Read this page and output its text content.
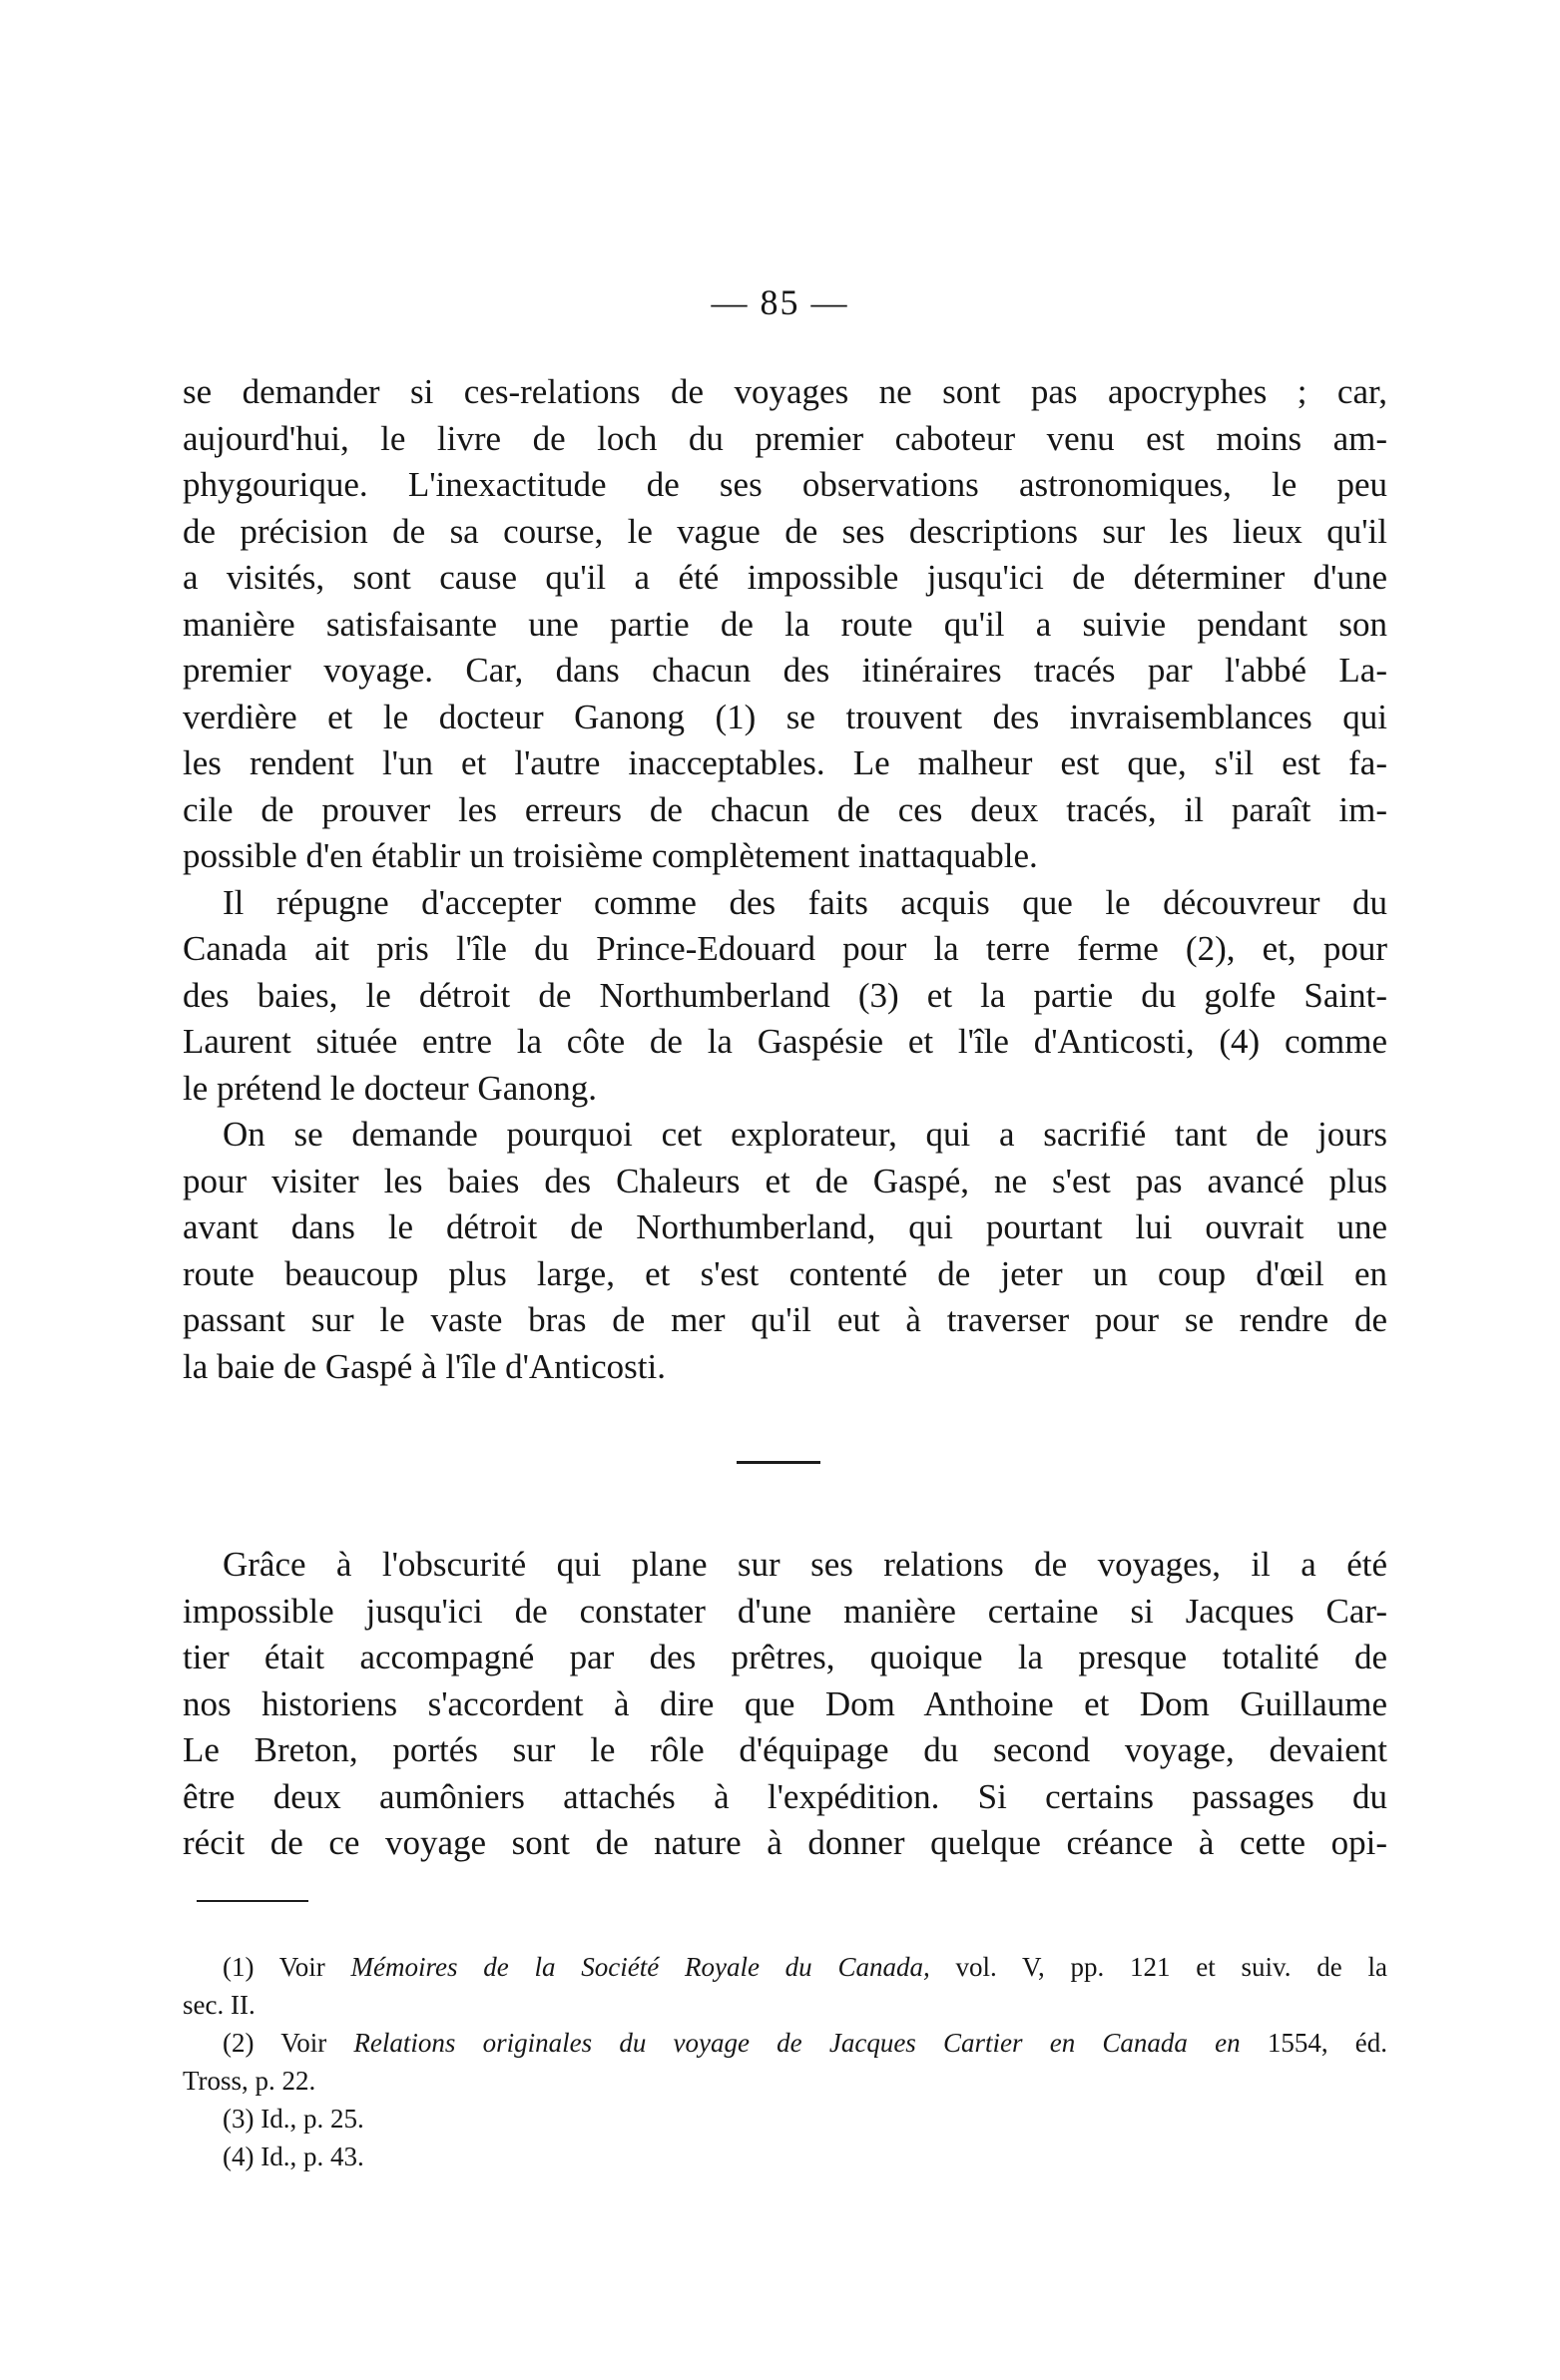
— 85 —
se demander si ces-relations de voyages ne sont pas apocryphes ; car,
aujourd'hui, le livre de loch du premier caboteur venu est moins am-
phygourique. L'inexactitude de ses observations astronomiques, le peu
de précision de sa course, le vague de ses descriptions sur les lieux qu'il
a visités, sont cause qu'il a été impossible jusqu'ici de déterminer d'une
manière satisfaisante une partie de la route qu'il a suivie pendant son
premier voyage. Car, dans chacun des itinéraires tracés par l'abbé La-
verdière et le docteur Ganong (1) se trouvent des invraisemblances qui
les rendent l'un et l'autre inacceptables. Le malheur est que, s'il est fa-
cile de prouver les erreurs de chacun de ces deux tracés, il paraît im-
possible d'en établir un troisième complètement inattaquable.
Il répugne d'accepter comme des faits acquis que le découvreur du
Canada ait pris l'île du Prince-Edouard pour la terre ferme (2), et, pour
des baies, le détroit de Northumberland (3) et la partie du golfe Saint-
Laurent située entre la côte de la Gaspésie et l'île d'Anticosti, (4) comme
le prétend le docteur Ganong.
On se demande pourquoi cet explorateur, qui a sacrifié tant de jours
pour visiter les baies des Chaleurs et de Gaspé, ne s'est pas avancé plus
avant dans le détroit de Northumberland, qui pourtant lui ouvrait une
route beaucoup plus large, et s'est contenté de jeter un coup d'œil en
passant sur le vaste bras de mer qu'il eut à traverser pour se rendre de
la baie de Gaspé à l'île d'Anticosti.
Grâce à l'obscurité qui plane sur ses relations de voyages, il a été
impossible jusqu'ici de constater d'une manière certaine si Jacques Car-
tier était accompagné par des prêtres, quoique la presque totalité de
nos historiens s'accordent à dire que Dom Anthoine et Dom Guillaume
Le Breton, portés sur le rôle d'équipage du second voyage, devaient
être deux aumôniers attachés à l'expédition. Si certains passages du
récit de ce voyage sont de nature à donner quelque créance à cette opi-
(1) Voir Mémoires de la Société Royale du Canada, vol. V, pp. 121 et suiv. de la
sec. II.
(2) Voir Relations originales du voyage de Jacques Cartier en Canada en 1554, éd.
Tross, p. 22.
(3) Id., p. 25.
(4) Id., p. 43.
